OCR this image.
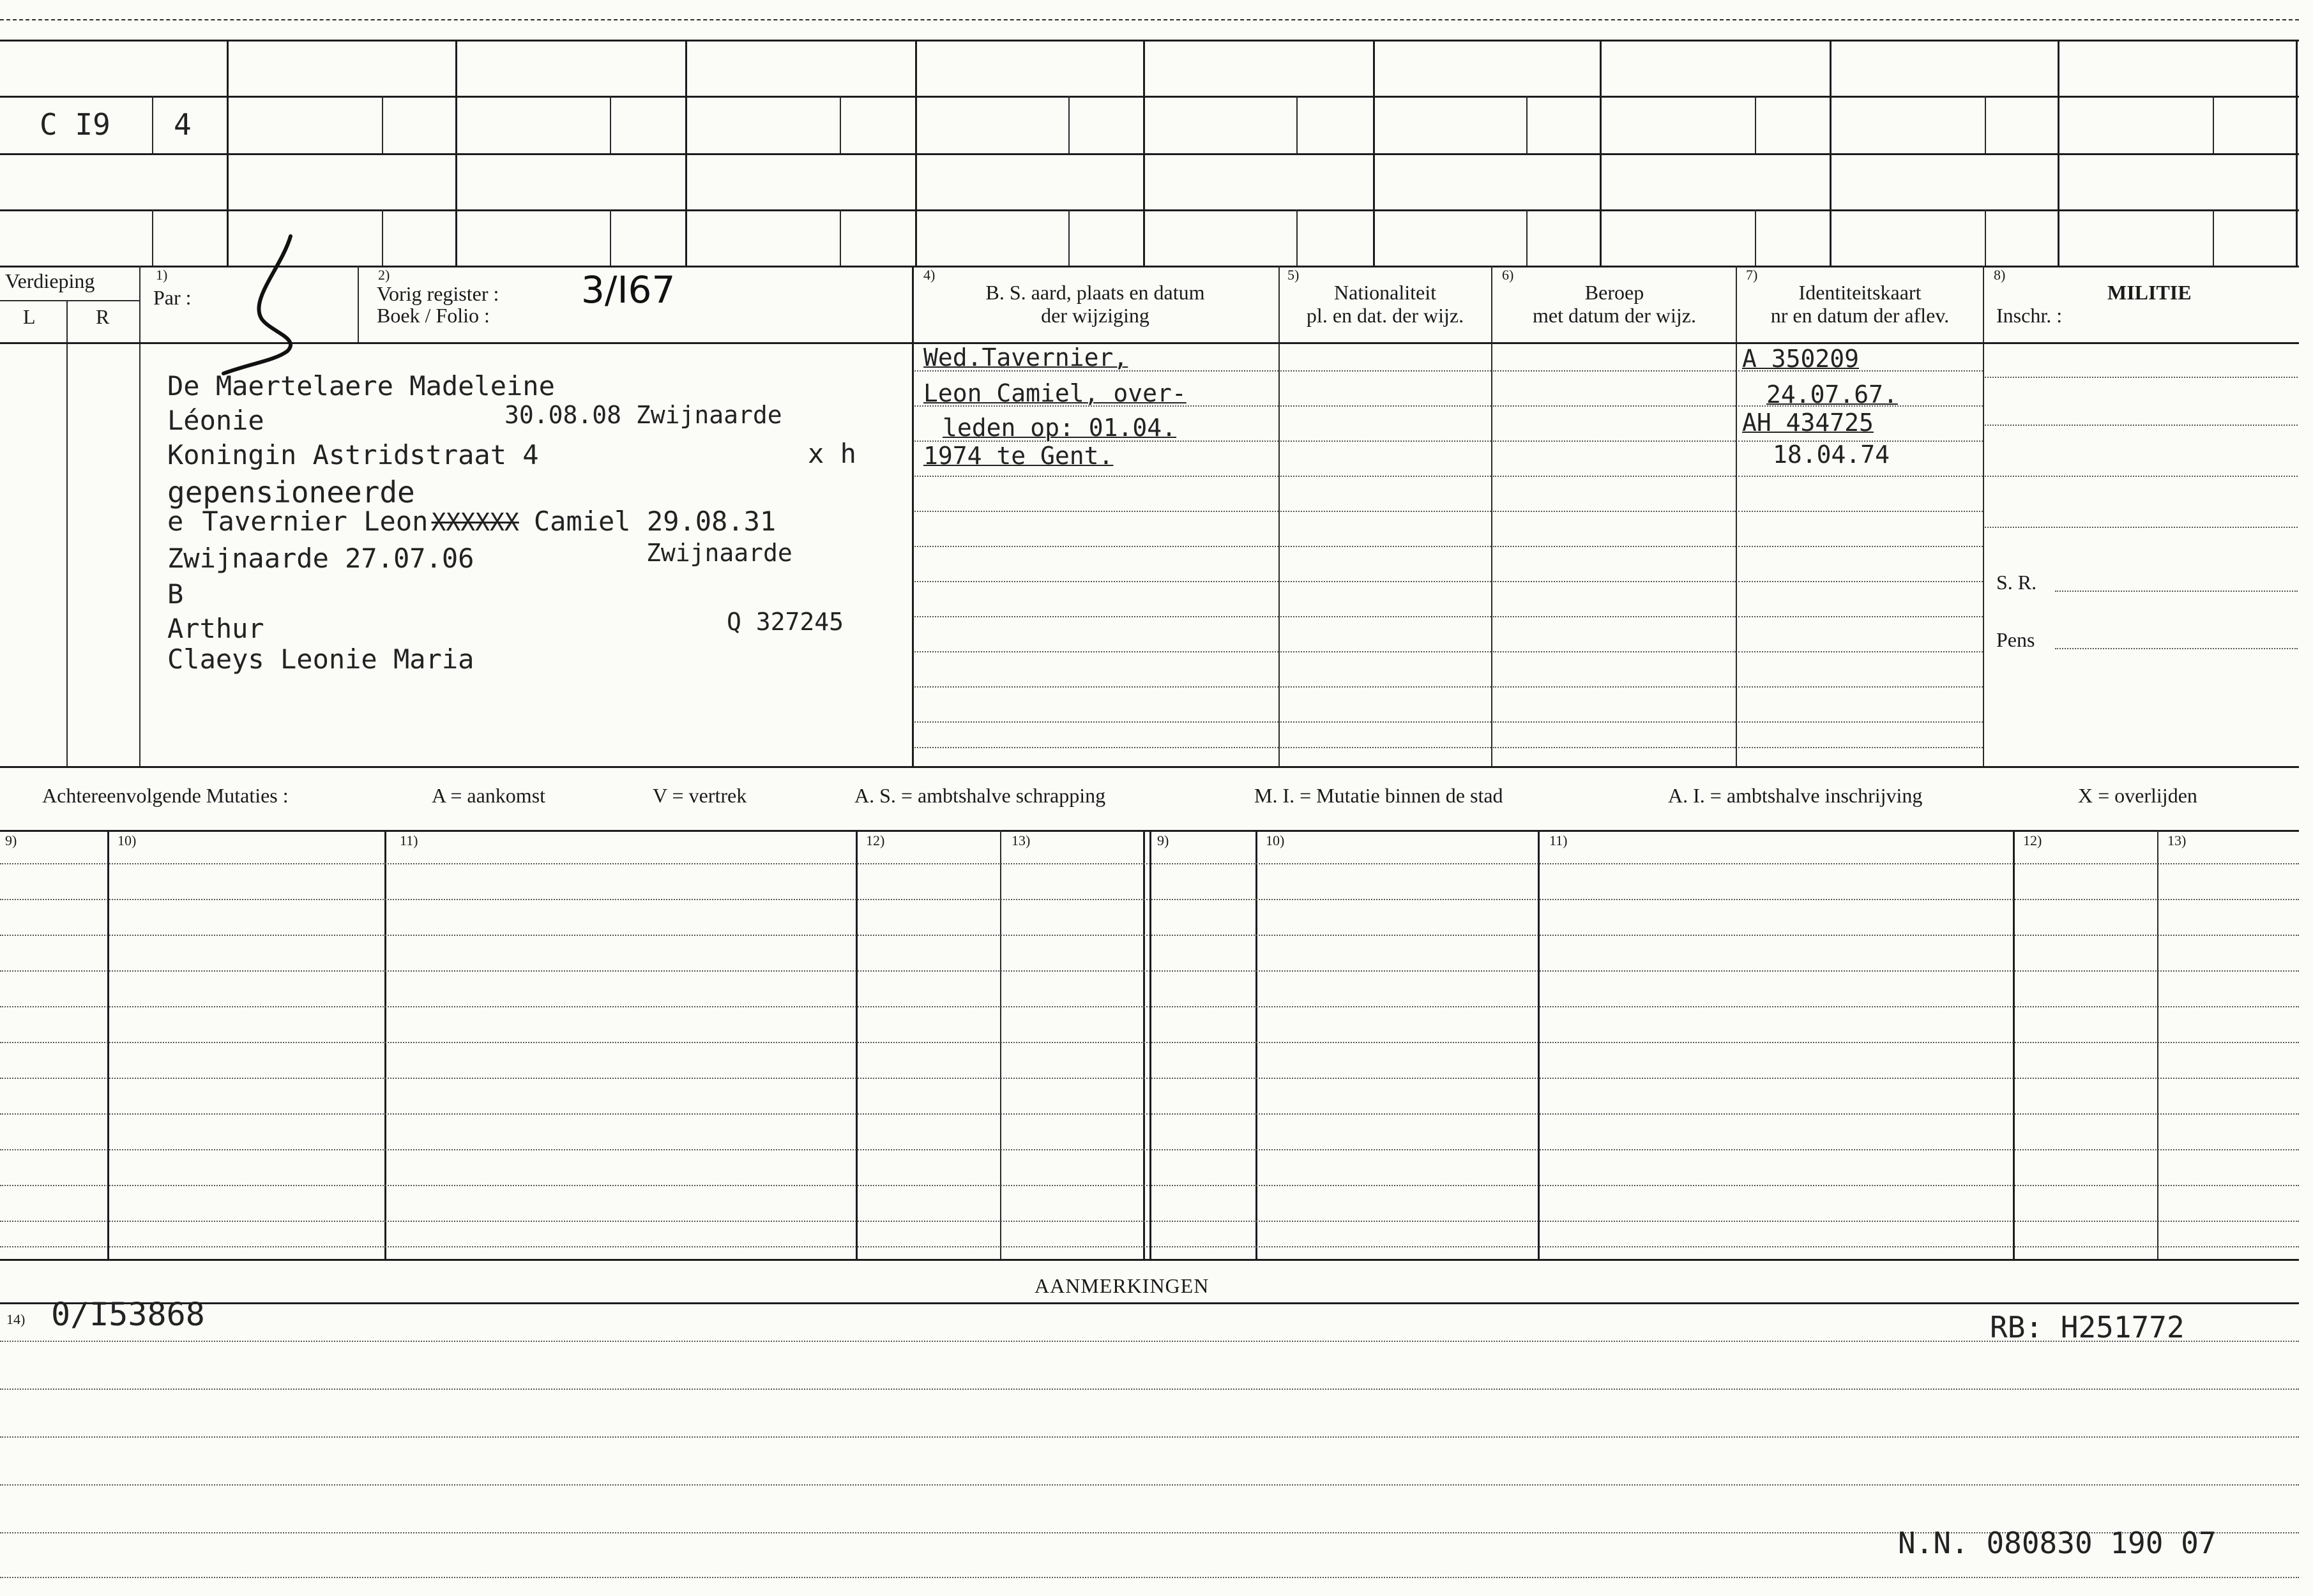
C I9 4
Verdieping
L	R
1)
Par :
2)
Vorig register :
Boek / Folio :
3/I67	4)
B. S. aard, plaats en datum
der wijziging
5)
Nationaliteit
pl. en dat. der wijz.
6)
Beroep
met datum der wijz.
7)
Identiteitskaart
nr en datum der aflev.
8)
MILITIE
Inschr. :
S. R.
Pens
De Maertelaere Madeleine
Léonie	30.08.08 Zwijnaarde
Koningin Astridstraat 4	x h
gepensioneerde
e Tavernier Leon XXXXXX Camiel 29.08.31
Zwijnaarde 27.07.06	Zwijnaarde
B
Arthur	Q 327245
Claeys Leonie Maria
Wed.Tavernier,
Leon Camiel, over-
leden op: 01.04.
1974 te Gent.
A 350209
24.07.67.
AH 434725
18.04.74
Achtereenvolgende Mutaties :	A = aankomst	V = vertrek	A. S. = ambtshalve schrapping	M. I. = Mutatie binnen de stad	A. I. = ambtshalve inschrijving	X = overlijden
9)	10)	11)	12)	13)	9)	10)	11)	12)	13)
AANMERKINGEN
14) 0/I53868	RB: H251772
N.N. 080830 190 07
